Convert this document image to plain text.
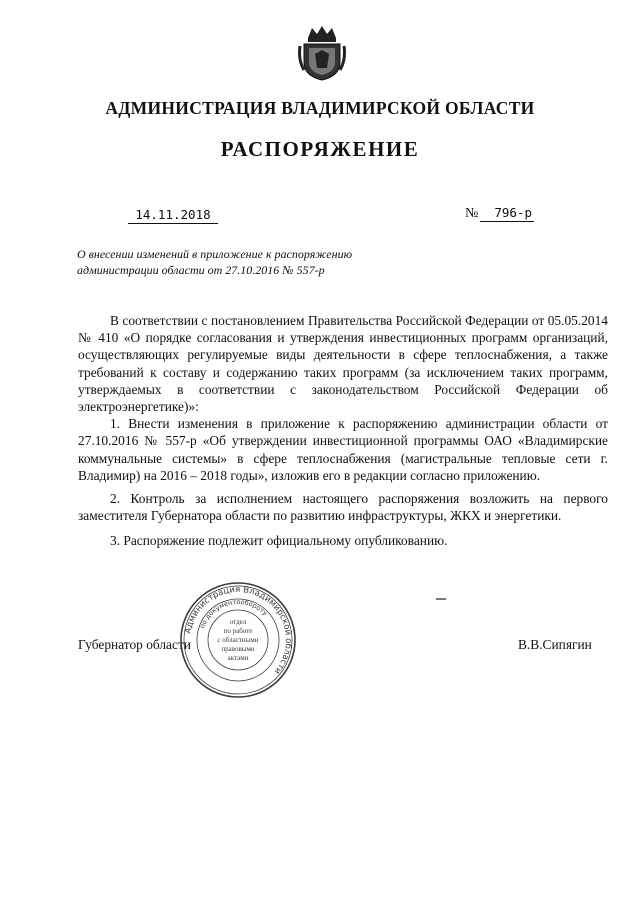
АДМИНИСТРАЦИЯ ВЛАДИМИРСКОЙ ОБЛАСТИ
РАСПОРЯЖЕНИЕ
14.11.2018	№ 796-р
О внесении изменений в приложение к распоряжению
администрации области от 27.10.2016 № 557-р

В соответствии с постановлением Правительства Российской Федерации от 05.05.2014 № 410 «О порядке согласования и утверждения инвестиционных программ организаций, осуществляющих регулируемые виды деятельности в сфере теплоснабжения, а также требований к составу и содержанию таких программ (за исключением таких программ, утверждаемых в соответствии с законодательством Российской Федерации об электроэнергетике)»:

1. Внести изменения в приложение к распоряжению администрации области от 27.10.2016 № 557-р «Об утверждении инвестиционной программы ОАО «Владимирские коммунальные системы» в сфере теплоснабжения (магистральные тепловые сети г. Владимир) на 2016 – 2018 годы», изложив его в редакции согласно приложению.

2. Контроль за исполнением настоящего распоряжения возложить на первого заместителя Губернатора области по развитию инфраструктуры, ЖКХ и энергетики.

3. Распоряжение подлежит официальному опубликованию.

Губернатор области	В.В.Сипягин
Администрация Владимирской области
по документообороту
отдел
по работе
с областными
правовыми
актами
